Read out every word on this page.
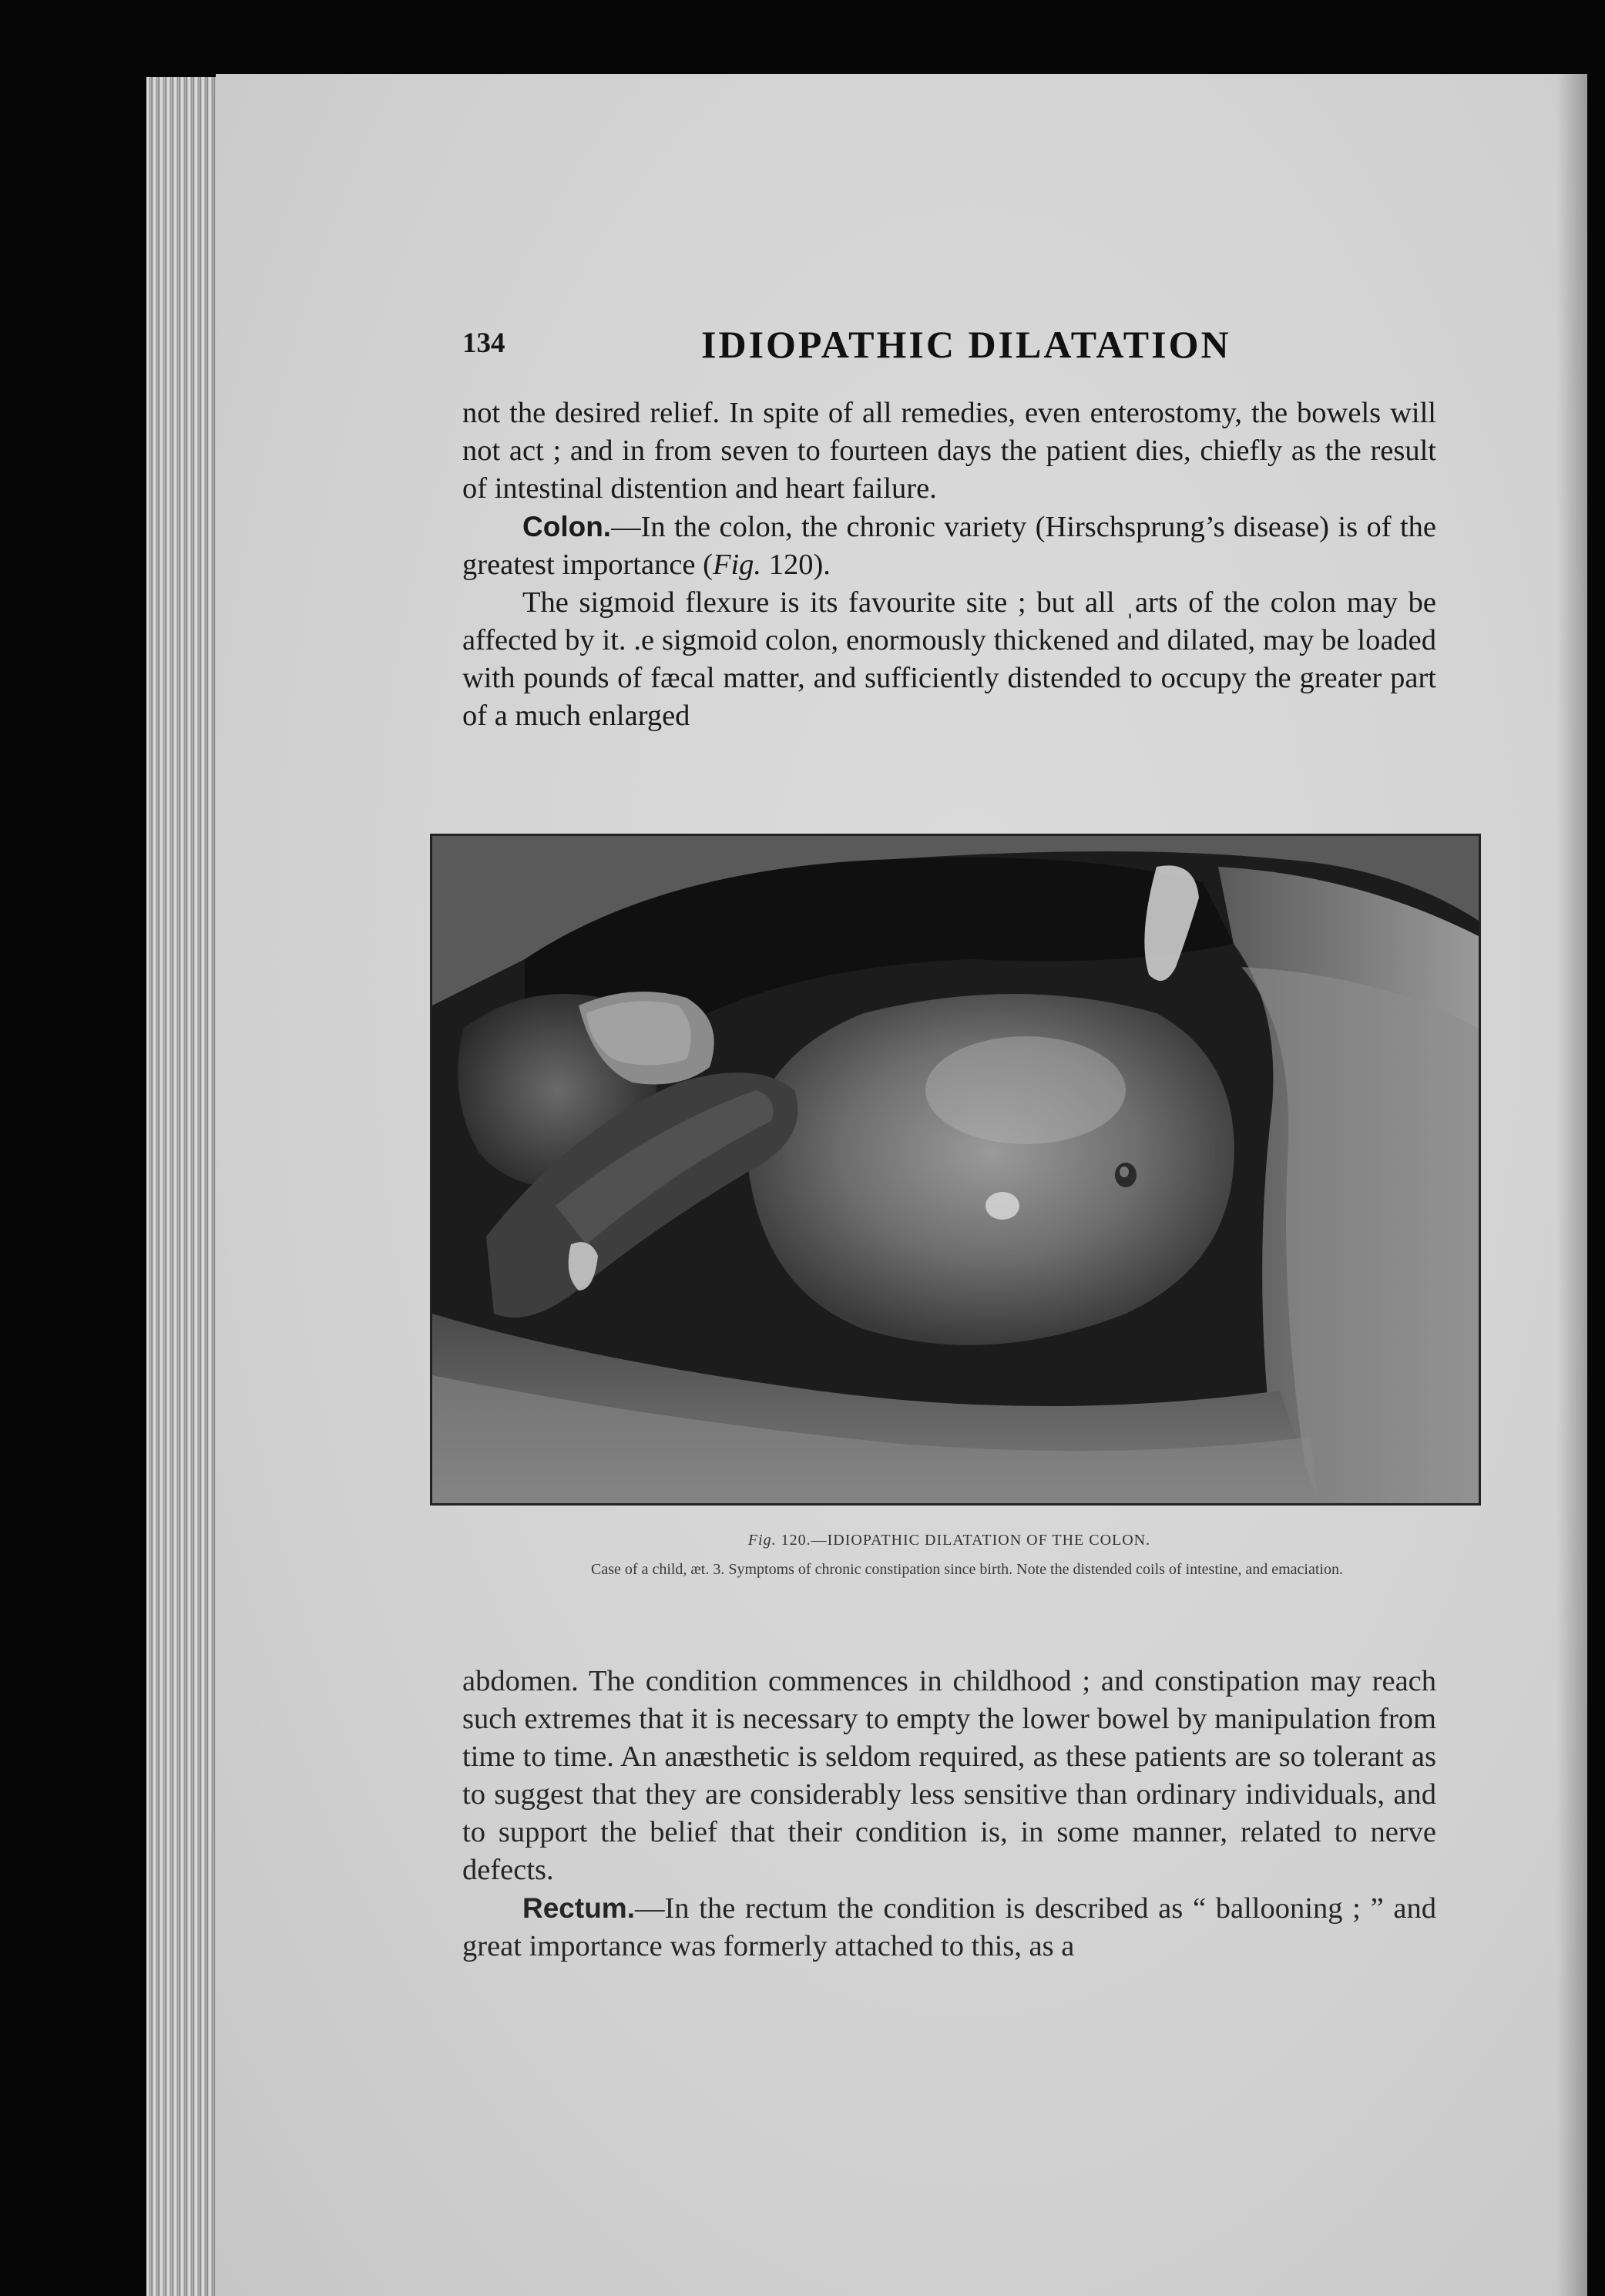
134	IDIOPATHIC DILATATION

not the desired relief. In spite of all remedies, even enterostomy, the bowels will not act ; and in from seven to fourteen days the patient dies, chiefly as the result of intestinal distention and heart failure.

Colon.—In the colon, the chronic variety (Hirschsprung’s disease) is of the greatest importance (Fig. 120).

The sigmoid flexure is its favourite site ; but all ˌarts of the colon may be affected by it. .e sigmoid colon, enormously thickened and dilated, may be loaded with pounds of fæcal matter, and sufficiently distended to occupy the greater part of a much enlarged

Fig. 120.—IDIOPATHIC DILATATION OF THE COLON.
Case of a child, æt. 3. Symptoms of chronic constipation since birth. Note the distended coils of intestine, and emaciation.

abdomen. The condition commences in childhood ; and constipation may reach such extremes that it is necessary to empty the lower bowel by manipulation from time to time. An anæsthetic is seldom required, as these patients are so tolerant as to suggest that they are considerably less sensitive than ordinary individuals, and to support the belief that their condition is, in some manner, related to nerve defects.

Rectum.—In the rectum the condition is described as “ ballooning ; ” and great importance was formerly attached to this, as a
